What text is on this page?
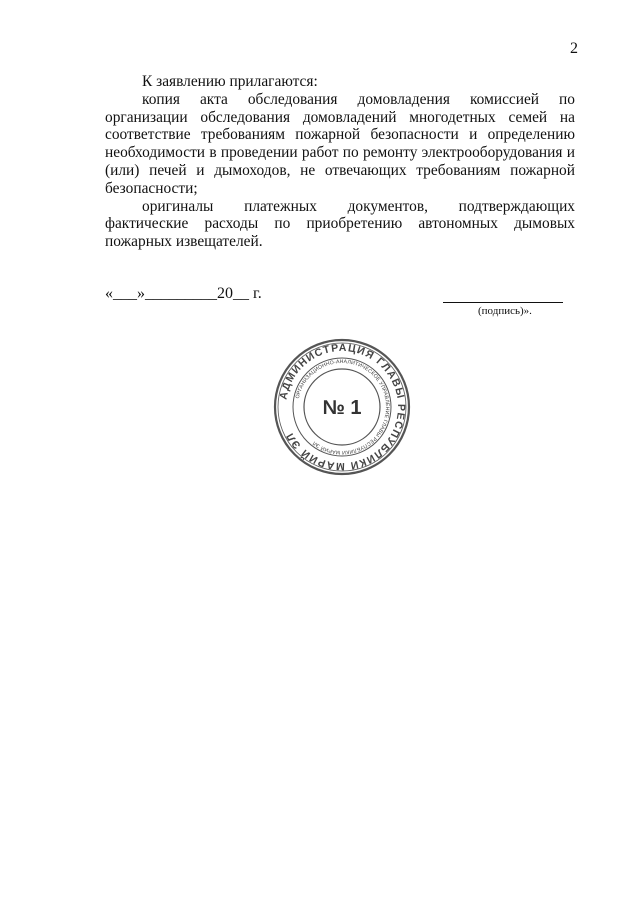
2

К заявлению прилагаются:

копия акта обследования домовладения комиссией по организации обследования домовладений многодетных семей на соответствие требованиям пожарной безопасности и определению необходимости в проведении работ по ремонту электрооборудования и (или) печей и дымоходов, не отвечающих требованиям пожарной безопасности;

оригиналы платежных документов, подтверждающих фактические расходы по приобретению автономных дымовых пожарных извещателей.

«___»_________20__ г.
(подпись)».
АДМИНИСТРАЦИЯ ГЛАВЫ РЕСПУБЛИКИ МАРИЙ ЭЛ
ОРГАНИЗАЦИОННО-АНАЛИТИЧЕСКОЕ УПРАВЛЕНИЕ ГЛАВЫ РЕСПУБЛИКИ МАРИЙ ЭЛ
№ 1
